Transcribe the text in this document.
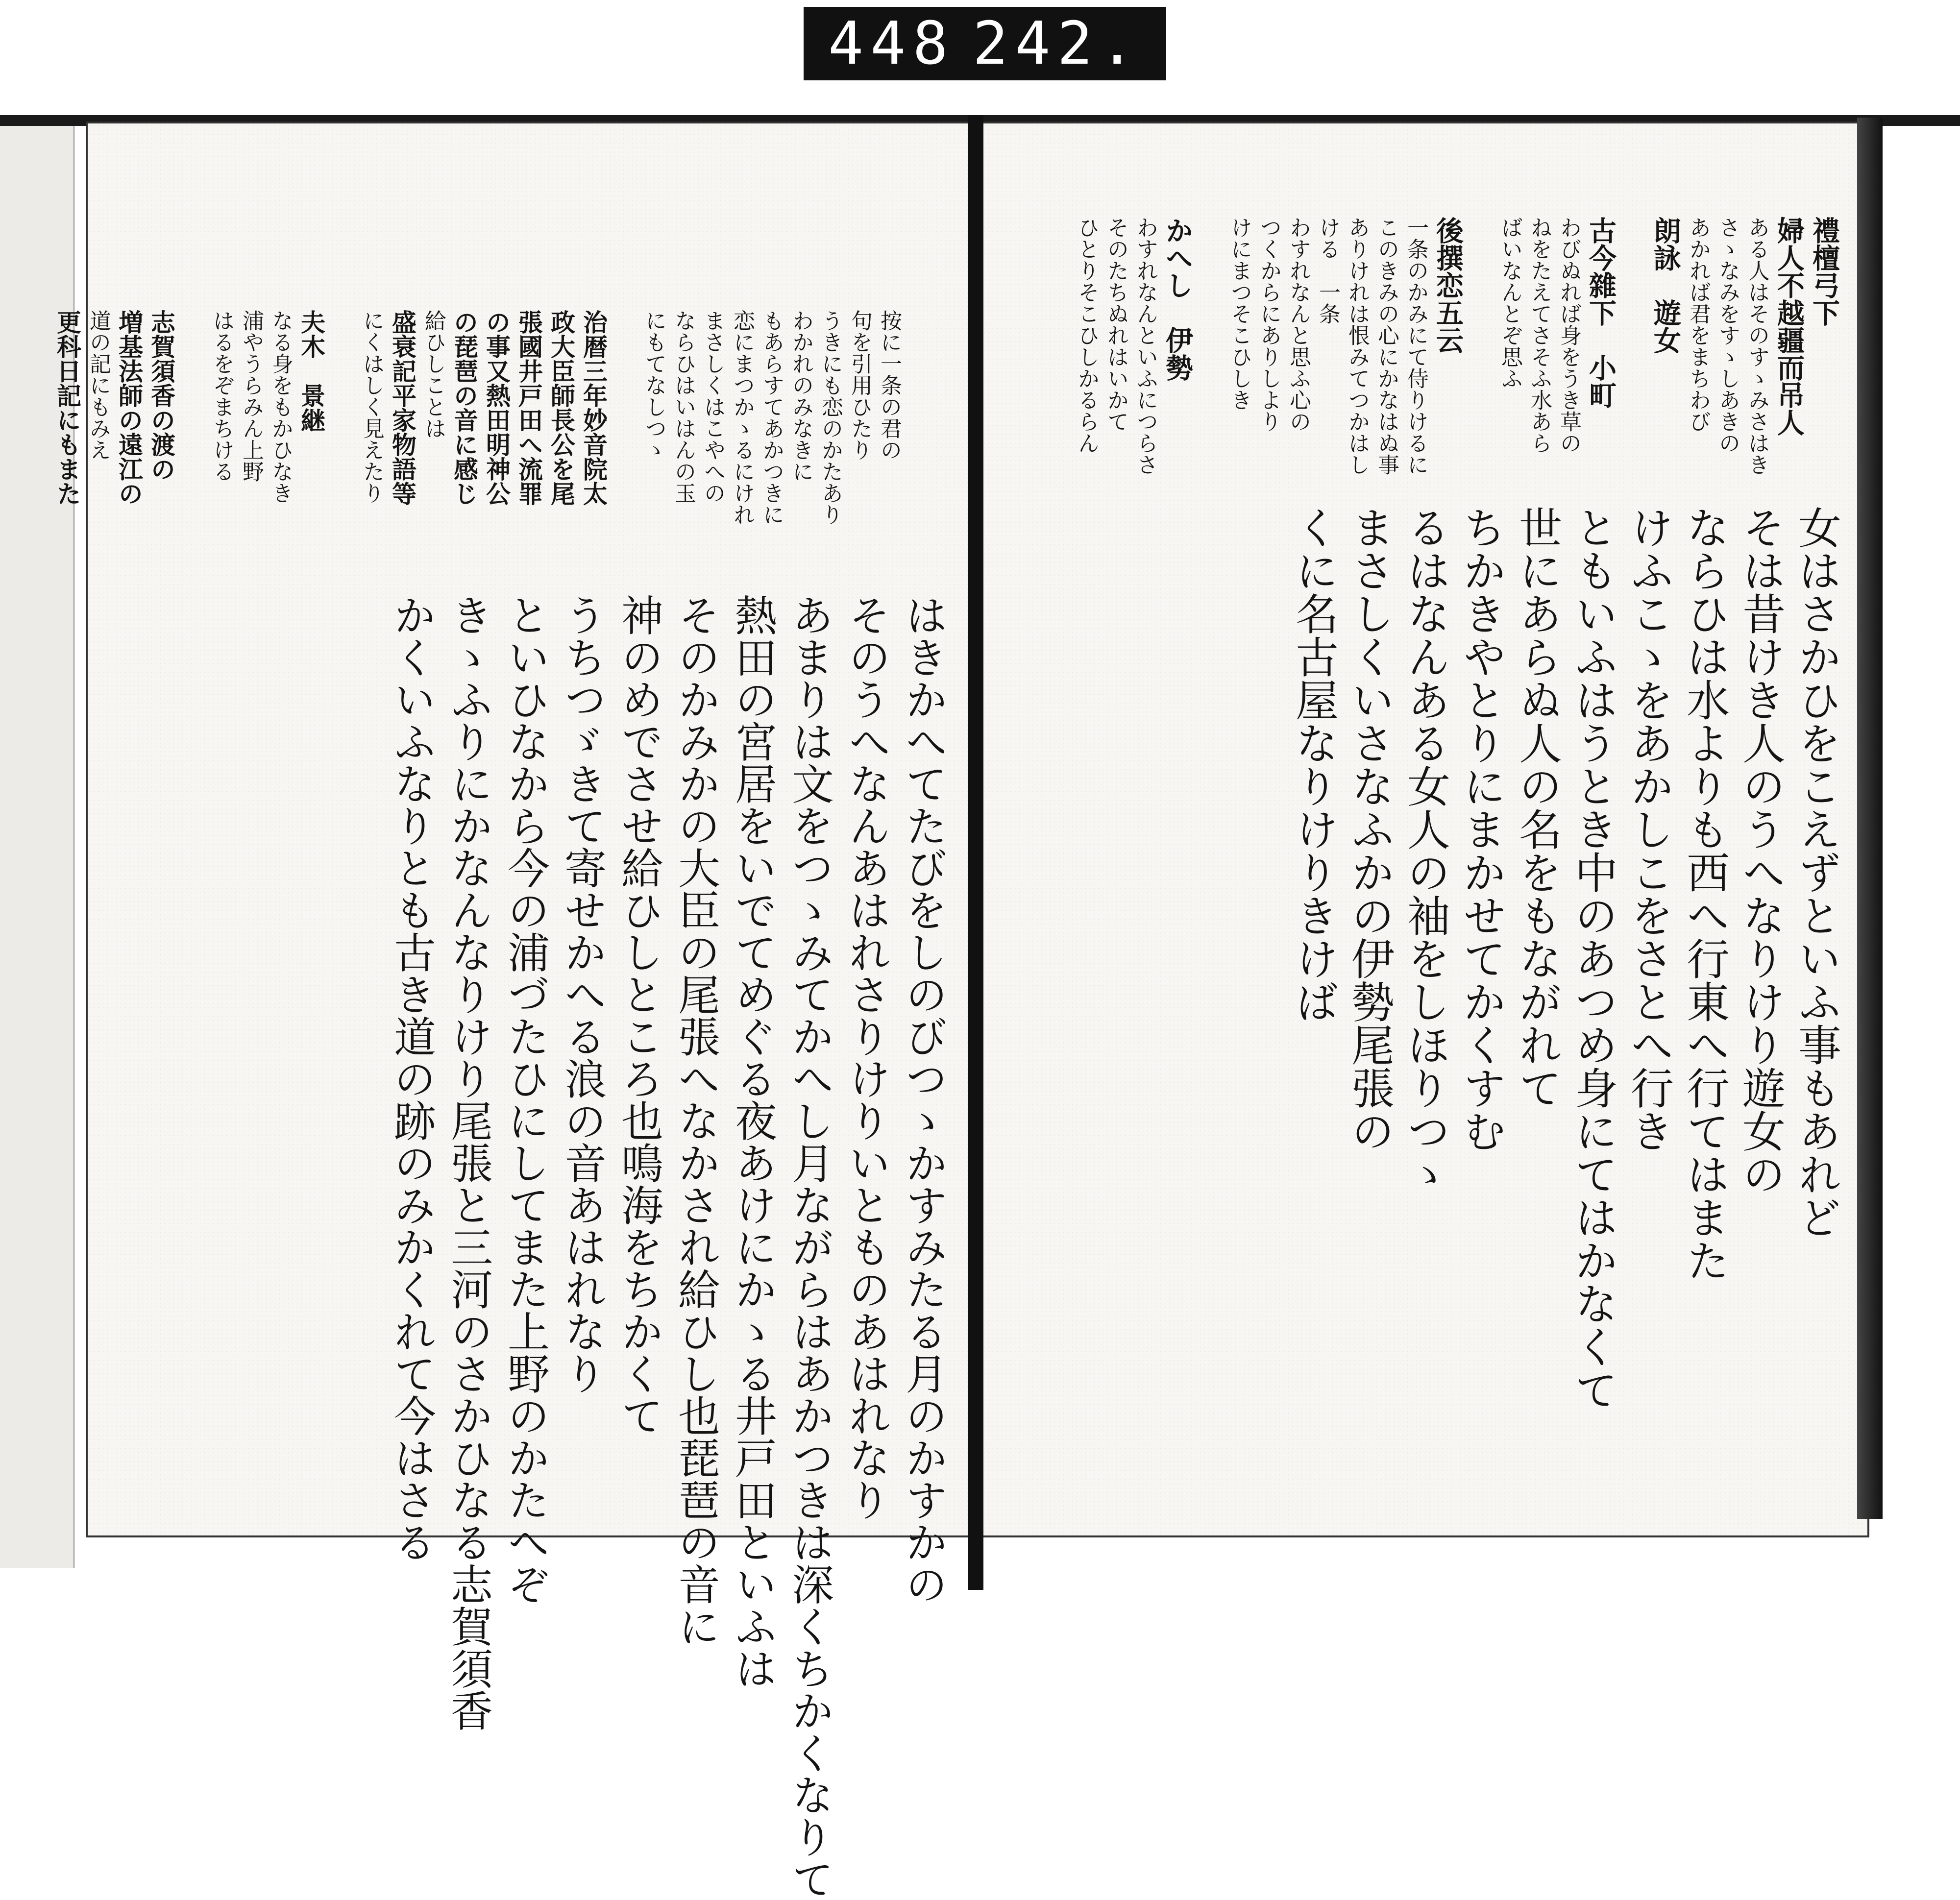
448 242.
按に一条の君の
句を引用ひたり
うきにも恋のかたあり
わかれのみなきに
もあらすてあかつきに
恋にまつかゝるにけれ
まさしくはこやへの
ならひはいはんの玉
にもてなしつゝ
治暦三年妙音院太
政大臣師長公を尾
張國井戸田へ流罪
の事又熱田明神公
の琵琶の音に感じ
給ひしことは
盛衰記平家物語等
にくはしく見えたり
夫木　景継
なる身をもかひなき
浦やうらみん上野
はるをぞまちける
志賀須香の渡の
増基法師の遠江の
道の記にもみえ
更科日記にもまた
はきかへてたびをしのびつゝかすみたる月のかすかの
そのうへなんあはれさりけりいとものあはれなり
あまりは文をつゝみてかへし月ながらはあかつきは深くちかくなりて
熱田の宮居をいでてめぐる夜あけにかゝる井戸田といふは
そのかみかの大臣の尾張へなかされ給ひし也琵琶の音に
神のめでさせ給ひしところ也鳴海をちかくて
うちつゞきて寄せかへる浪の音あはれなり
といひなから今の浦づたひにしてまた上野のかたへぞ
きゝふりにかなんなりけり尾張と三河のさかひなる志賀須香
かくいふなりとも古き道の跡のみかくれて今はさる
禮檀弓下
婦人不越疆而吊人
ある人はそのすゝみさはき
さゝなみをすゝしあきの
あかれば君をまちわび
朗詠　遊女
古今雜下　小町
わびぬれば身をうき草の
ねをたえてさそふ水あら
ばいなんとぞ思ふ
後撰恋五云
一条のかみにて侍りけるに
このきみの心にかなはぬ事
ありけれは恨みてつかはし
ける　一条
わすれなんと思ふ心の
つくからにありしより
けにまつそこひしき
かへし　伊勢
わすれなんといふにつらさ
そのたちぬれはいかて
ひとりそこひしかるらん
女はさかひをこえずといふ事もあれど
そは昔けき人のうへなりけり遊女の
ならひは水よりも西へ行東へ行てはまた
けふこゝをあかしこをさとへ行き
ともいふはうとき中のあつめ身にてはかなくて
世にあらぬ人の名をもながれて
ちかきやとりにまかせてかくすむ
るはなんある女人の袖をしほりつゝ
まさしくいさなふかの伊勢尾張の
くに名古屋なりけりきけば
